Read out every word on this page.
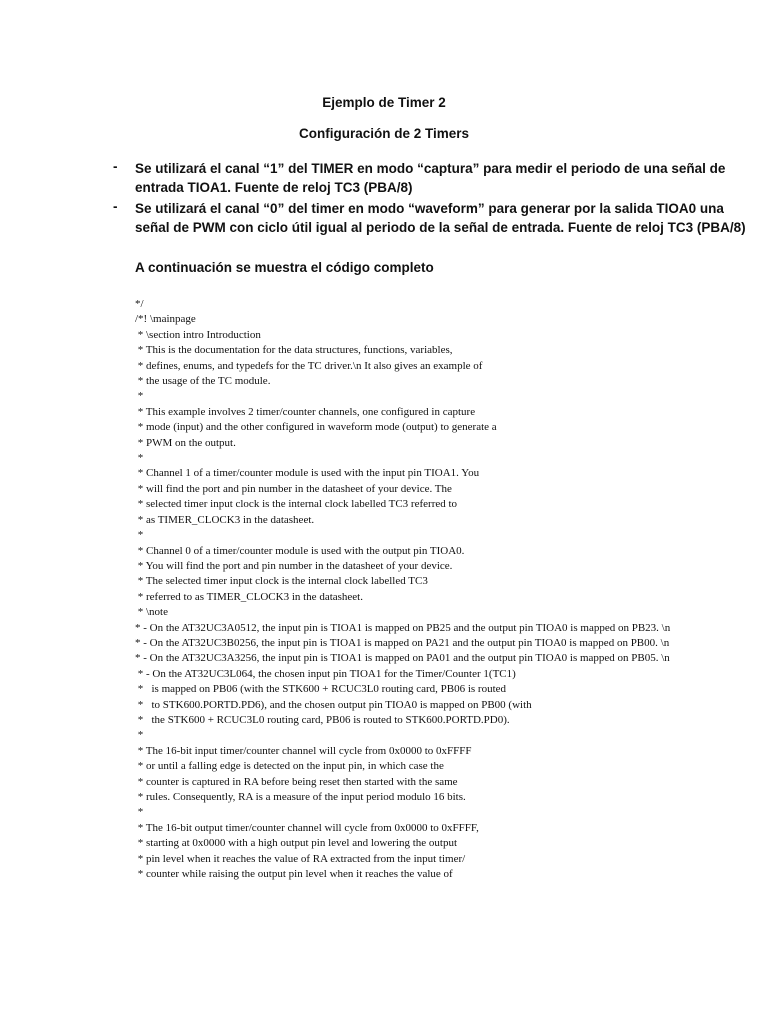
Ejemplo de Timer 2
Configuración de 2 Timers
- Se utilizará el canal “1” del TIMER en modo “captura” para medir el periodo de una señal de
entrada TIOA1. Fuente de reloj TC3 (PBA/8)
- Se utilizará el canal “0” del timer en modo “waveform” para generar por la salida TIOA0 una
señal de PWM con ciclo útil igual al periodo de la señal de entrada. Fuente de reloj TC3 (PBA/8)
A continuación se muestra el código completo
*/
/*! \mainpage
* \section intro Introduction
* This is the documentation for the data structures, functions, variables,
* defines, enums, and typedefs for the TC driver.\n It also gives an example of
* the usage of the TC module.
*
* This example involves 2 timer/counter channels, one configured in capture
* mode (input) and the other configured in waveform mode (output) to generate a
* PWM on the output.
*
* Channel 1 of a timer/counter module is used with the input pin TIOA1. You
* will find the port and pin number in the datasheet of your device. The
* selected timer input clock is the internal clock labelled TC3 referred to
* as TIMER_CLOCK3 in the datasheet.
*
* Channel 0 of a timer/counter module is used with the output pin TIOA0.
* You will find the port and pin number in the datasheet of your device.
* The selected timer input clock is the internal clock labelled TC3
* referred to as TIMER_CLOCK3 in the datasheet.
* \note
* - On the AT32UC3A0512, the input pin is TIOA1 is mapped on PB25 and the output pin TIOA0 is mapped on PB23. \n
* - On the AT32UC3B0256, the input pin is TIOA1 is mapped on PA21 and the output pin TIOA0 is mapped on PB00. \n
* - On the AT32UC3A3256, the input pin is TIOA1 is mapped on PA01 and the output pin TIOA0 is mapped on PB05. \n
* - On the AT32UC3L064, the chosen input pin TIOA1 for the Timer/Counter 1(TC1)
*   is mapped on PB06 (with the STK600 + RCUC3L0 routing card, PB06 is routed
*   to STK600.PORTD.PD6), and the chosen output pin TIOA0 is mapped on PB00 (with
*   the STK600 + RCUC3L0 routing card, PB06 is routed to STK600.PORTD.PD0).
*
* The 16-bit input timer/counter channel will cycle from 0x0000 to 0xFFFF
* or until a falling edge is detected on the input pin, in which case the
* counter is captured in RA before being reset then started with the same
* rules. Consequently, RA is a measure of the input period modulo 16 bits.
*
* The 16-bit output timer/counter channel will cycle from 0x0000 to 0xFFFF,
* starting at 0x0000 with a high output pin level and lowering the output
* pin level when it reaches the value of RA extracted from the input timer/
* counter while raising the output pin level when it reaches the value of
